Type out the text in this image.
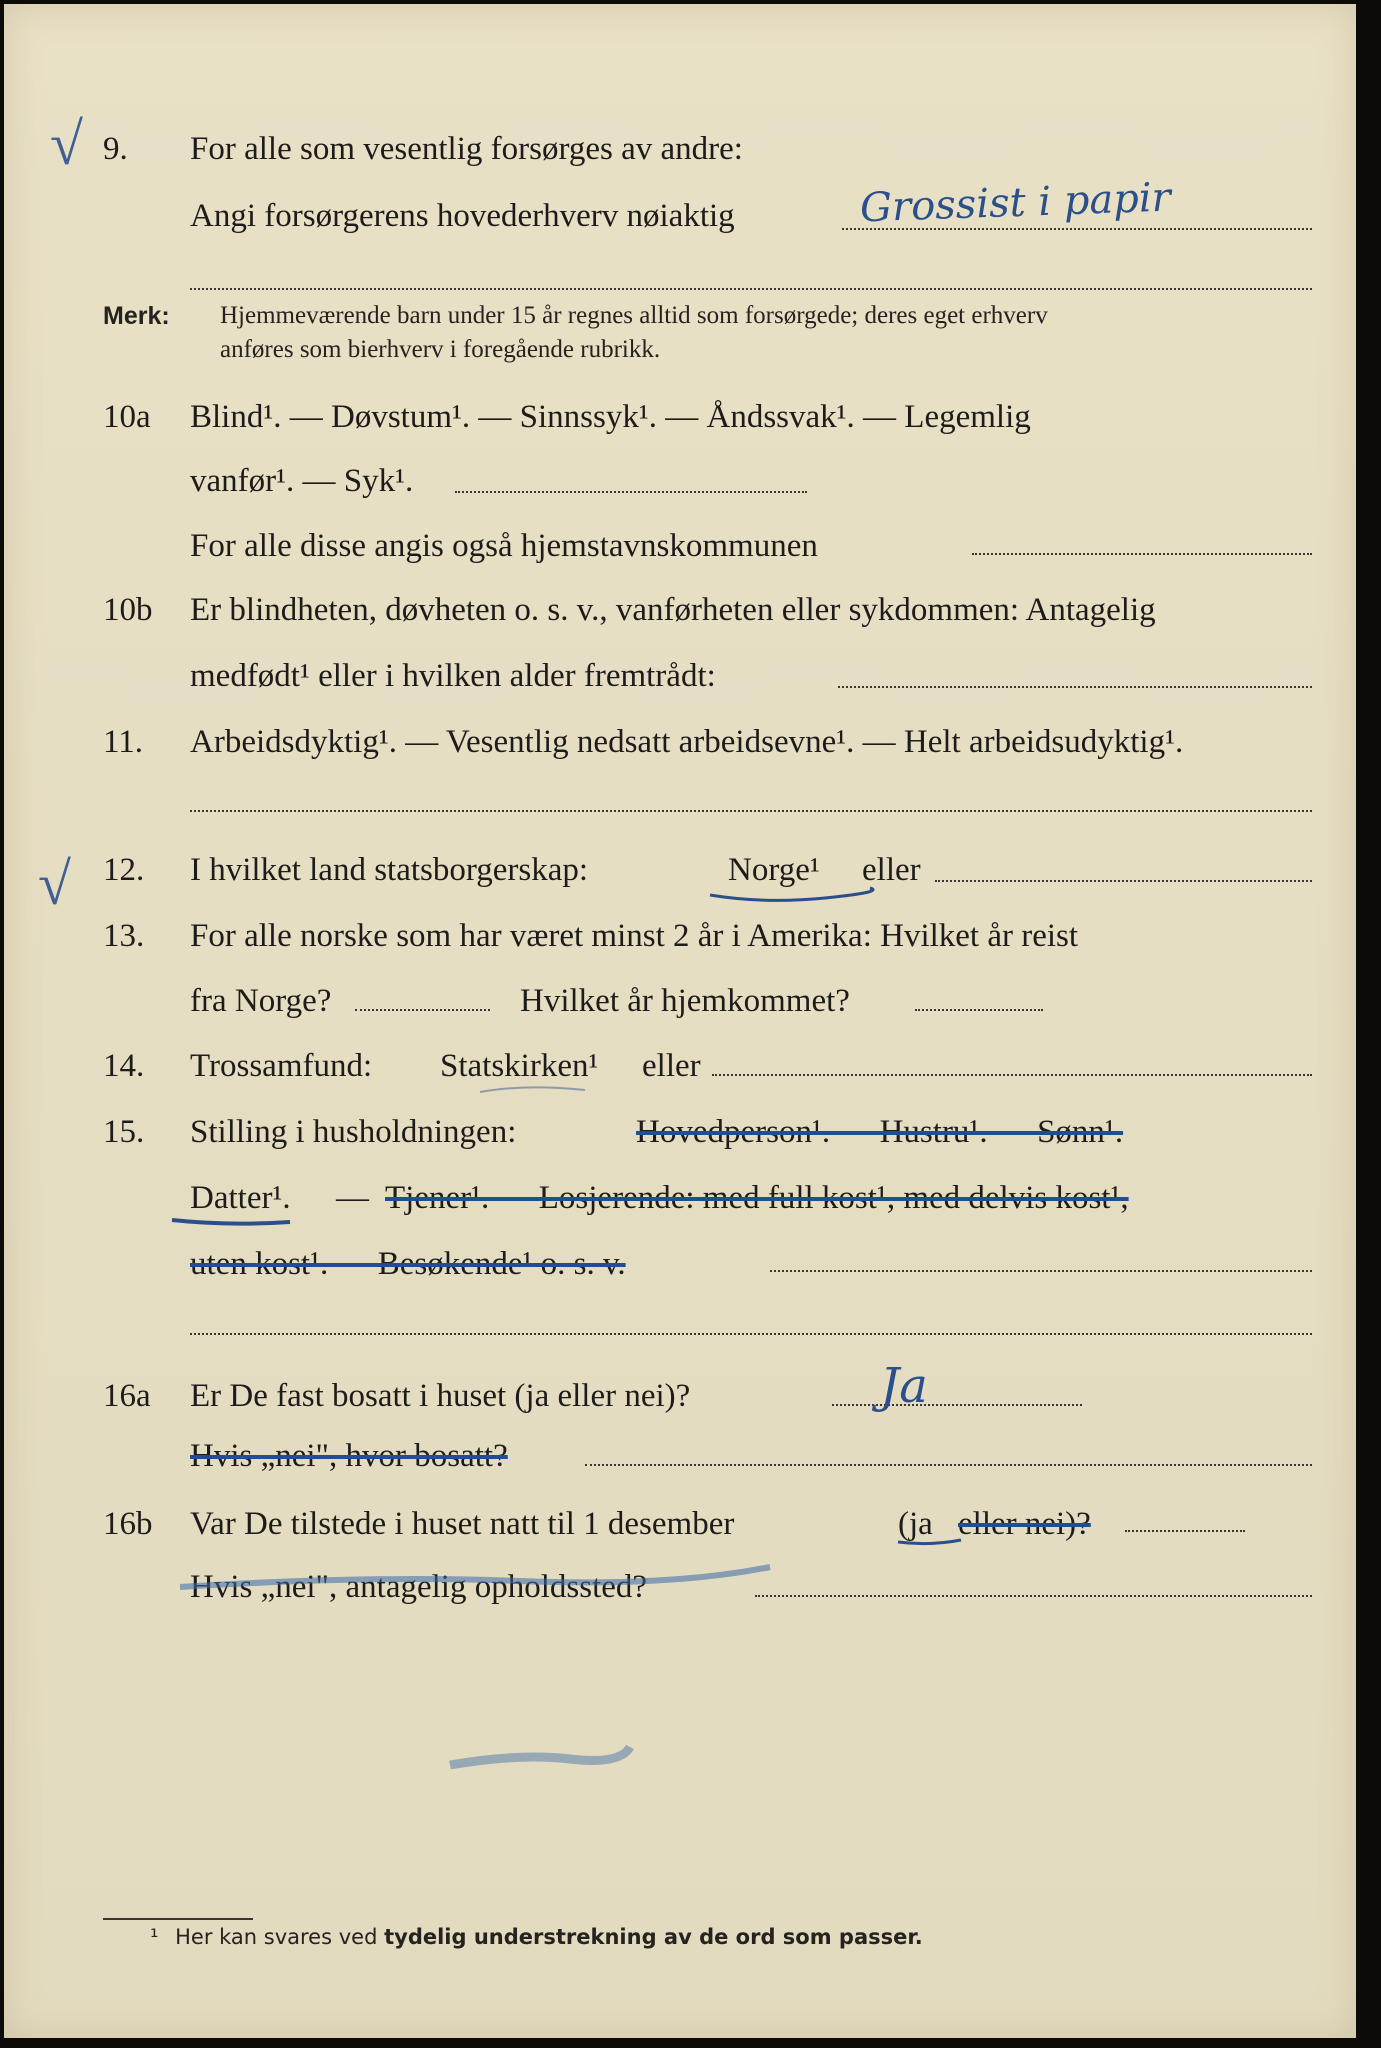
√
√
9. For alle som vesentlig forsørges av andre:
Angi forsørgerens hovederhverv nøiaktig	Grossist i papir
Merk: Hjemmeværende barn under 15 år regnes alltid som forsørgede; deres eget erhverv
anføres som bierhverv i foregående rubrikk.
10a Blind¹. — Døvstum¹. — Sinnssyk¹. — Åndssvak¹. — Legemlig
vanfør¹. — Syk¹.
For alle disse angis også hjemstavnskommunen
10b Er blindheten, døvheten o. s. v., vanførheten eller sykdommen: Antagelig
medfødt¹ eller i hvilken alder fremtrådt:
11. Arbeidsdyktig¹. — Vesentlig nedsatt arbeidsevne¹. — Helt arbeidsudyktig¹.
12. I hvilket land statsborgerskap:	Norge¹ eller
13. For alle norske som har været minst 2 år i Amerika: Hvilket år reist
fra Norge?	Hvilket år hjemkommet?
14. Trossamfund: Statskirken¹ eller
15. Stilling i husholdningen:	Hovedperson¹. — Hustru¹. — Sønn¹.
Datter¹. — Tjener¹. — Losjerende: med full kost¹, med delvis kost¹,
uten kost¹. — Besøkende¹ o. s. v.
16a Er De fast bosatt i huset (ja eller nei)?	Ja
Hvis „nei", hvor bosatt?
16b Var De tilstede i huset natt til 1 desember	(ja eller nei)?
Hvis „nei", antagelig opholdssted?
¹ Her kan svares ved tydelig understrekning av de ord som passer.
